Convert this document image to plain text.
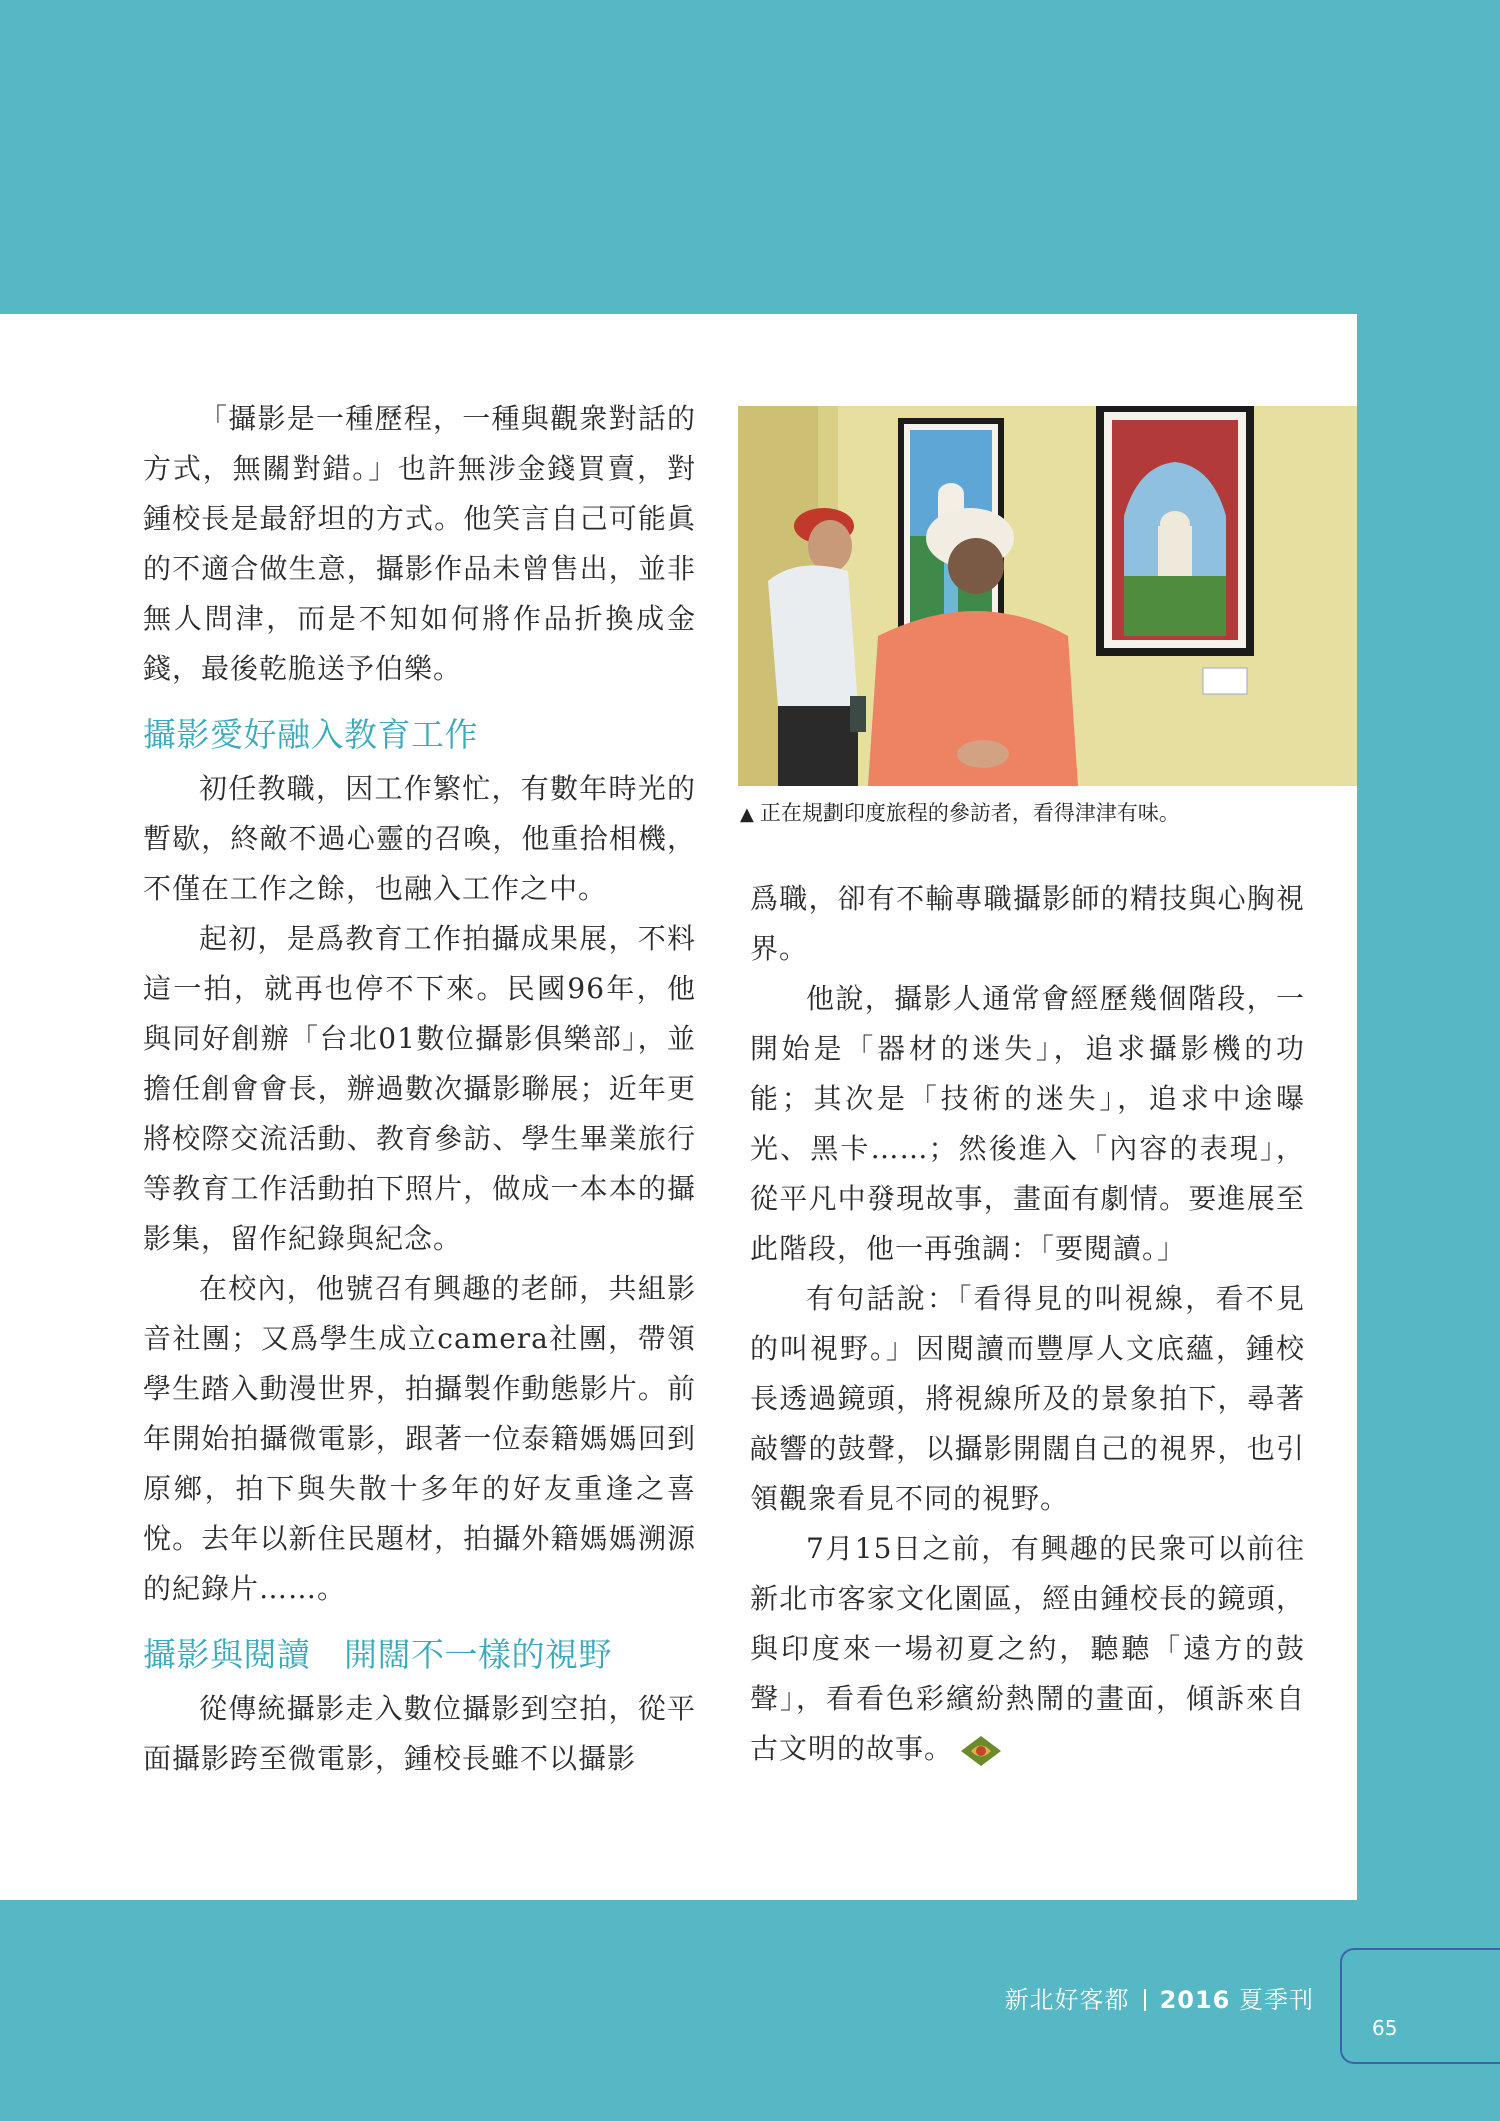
「攝影是一種歷程，一種與觀衆對話的方式，無關對錯。」也許無涉金錢買賣，對鍾校長是最舒坦的方式。他笑言自己可能眞的不適合做生意，攝影作品未曾售出，並非無人問津，而是不知如何將作品折換成金錢，最後乾脆送予伯樂。

攝影愛好融入教育工作

初任教職，因工作繁忙，有數年時光的暫歇，終敵不過心靈的召喚，他重拾相機，不僅在工作之餘，也融入工作之中。

起初，是爲教育工作拍攝成果展，不料這一拍，就再也停不下來。民國96年，他與同好創辦「台北01數位攝影俱樂部」，並擔任創會會長，辦過數次攝影聯展；近年更將校際交流活動、教育參訪、學生畢業旅行等教育工作活動拍下照片，做成一本本的攝影集，留作紀錄與紀念。

在校內，他號召有興趣的老師，共組影音社團；又爲學生成立camera社團，帶領學生踏入動漫世界，拍攝製作動態影片。前年開始拍攝微電影，跟著一位泰籍媽媽回到原鄉，拍下與失散十多年的好友重逢之喜悅。去年以新住民題材，拍攝外籍媽媽溯源的紀錄片……。

攝影與閱讀　開闊不一樣的視野

從傳統攝影走入數位攝影到空拍，從平面攝影跨至微電影，鍾校長雖不以攝影

▲ 正在規劃印度旅程的參訪者，看得津津有味。

爲職，卻有不輸專職攝影師的精技與心胸視界。

他說，攝影人通常會經歷幾個階段，一開始是「器材的迷失」，追求攝影機的功能；其次是「技術的迷失」，追求中途曝光、黑卡……；然後進入「內容的表現」，從平凡中發現故事，畫面有劇情。要進展至此階段，他一再強調：「要閱讀。」

有句話說：「看得見的叫視線，看不見的叫視野。」因閱讀而豐厚人文底蘊，鍾校長透過鏡頭，將視線所及的景象拍下，尋著敲響的鼓聲，以攝影開闊自己的視界，也引領觀衆看見不同的視野。

7月15日之前，有興趣的民衆可以前往新北市客家文化園區，經由鍾校長的鏡頭，與印度來一場初夏之約，聽聽「遠方的鼓聲」，看看色彩繽紛熱鬧的畫面，傾訴來自古文明的故事。

新北好客都 2016 夏季刊
65
